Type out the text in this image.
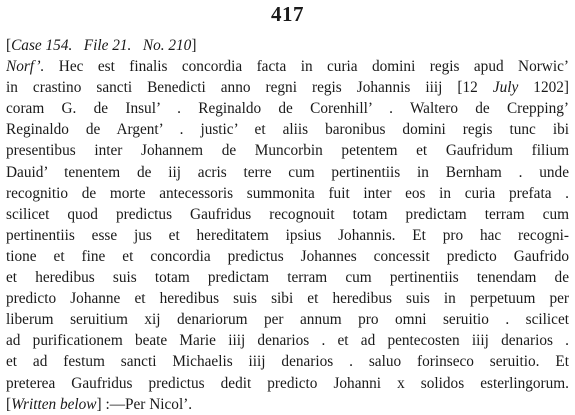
417
[Case 154. File 21. No. 210]
Norf’. Hec est finalis concordia facta in curia domini regis apud Norwic’
in crastino sancti Benedicti anno regni regis Johannis iiij [12 July 1202]
coram G. de Insul’ . Reginaldo de Corenhill’ . Waltero de Crepping’
Reginaldo de Argent’ . justic’ et aliis baronibus domini regis tunc ibi
presentibus inter Johannem de Muncorbin petentem et Gaufridum filium
Dauid’ tenentem de iij acris terre cum pertinentiis in Bernham . unde
recognitio de morte antecessoris summonita fuit inter eos in curia prefata .
scilicet quod predictus Gaufridus recognouit totam predictam terram cum
pertinentiis esse jus et hereditatem ipsius Johannis. Et pro hac recogni-
tione et fine et concordia predictus Johannes concessit predicto Gaufrido
et heredibus suis totam predictam terram cum pertinentiis tenendam de
predicto Johanne et heredibus suis sibi et heredibus suis in perpetuum per
liberum seruitium xij denariorum per annum pro omni seruitio . scilicet
ad purificationem beate Marie iiij denarios . et ad pentecosten iiij denarios .
et ad festum sancti Michaelis iiij denarios . saluo forinseco seruitio. Et
preterea Gaufridus predictus dedit predicto Johanni x solidos esterlingorum.
[Written below] :—Per Nicol’.
